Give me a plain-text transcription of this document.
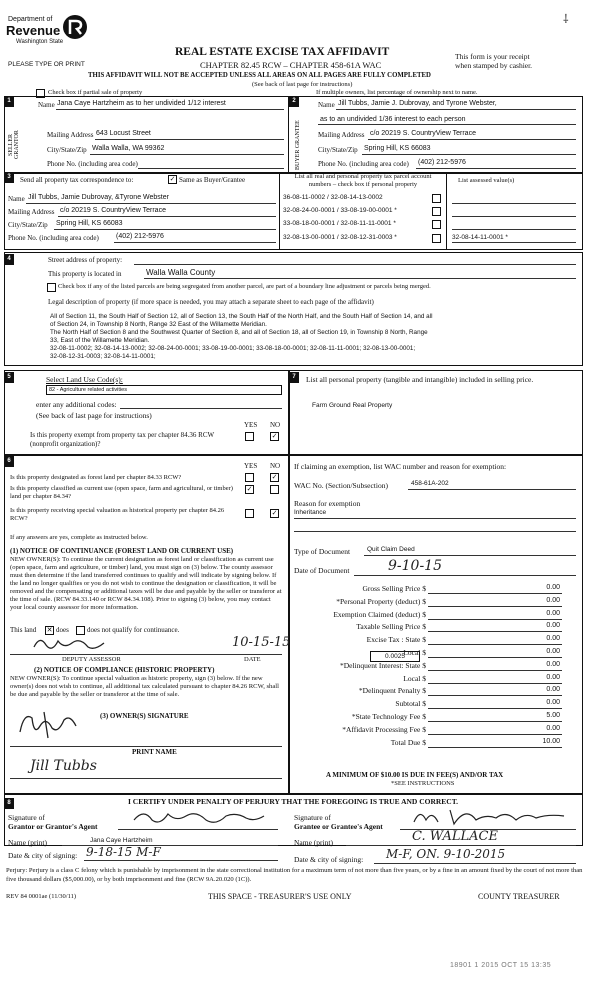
Department of
Revenue
Washington State
PLEASE TYPE OR PRINT
REAL ESTATE EXCISE TAX AFFIDAVIT
CHAPTER 82.45 RCW – CHAPTER 458-61A WAC
This form is your receipt
when stamped by cashier.
THIS AFFIDAVIT WILL NOT BE ACCEPTED UNLESS ALL AREAS ON ALL PAGES ARE FULLY COMPLETED
(See back of last page for instructions)
Check box if partial sale of property	If multiple owners, list percentage of ownership next to name.
1	2
SELLER GRANTOR	BUYER GRANTEE
Name Jana Caye Hartzheim as to her undivided 1/12 interest
Mailing Address 643 Locust Street
City/State/Zip Walla Walla, WA 99362
Phone No. (including area code)
Name Jill Tubbs, Jamie J. Dubrovay, and Tyrone Webster,
as to an undivided 1/36 interest to each person
Mailing Address c/o 20219 S. CountryView Terrace
City/State/Zip Spring Hill, KS 66083
Phone No. (including area code) (402) 212-5976
3	Send all property tax correspondence to:	✓ Same as Buyer/Grantee
Name Jill Tubbs, Jamie Dubrovay, &Tyrone Webster
Mailing Address c/o 20219 S. CountryView Terrace
City/State/Zip Spring Hill, KS 66083
Phone No. (including area code) (402) 212-5976
List all real and personal property tax parcel account numbers – check box if personal property
List assessed value(s)
36-08-11-0002 / 32-08-14-13-0002
32-08-24-00-0001 / 33-08-19-00-0001 *
33-08-18-00-0001 / 32-08-11-11-0001 *
32-08-13-00-0001 / 32-08-12-31-0003 *	32-08-14-11-0001 *
4	Street address of property:
This property is located in	Walla Walla County
Check box if any of the listed parcels are being segregated from another parcel, are part of a boundary line adjustment or parcels being merged.
Legal description of property (if more space is needed, you may attach a separate sheet to each page of the affidavit)
All of Section 11, the South Half of Section 12, all of Section 13, the South Half of the North Half, and the South Half of Section 14, and all
of Section 24, in Township 8 North, Range 32 East of the Willamette Meridian.
The North Half of Section 8 and the Southwest Quarter of Section 8, and all of Section 18, all of Section 19, in Township 8 North, Range
33, East of the Willamette Meridian.
32-08-11-0002; 32-08-14-13-0002; 32-08-24-00-0001; 33-08-19-00-0001; 33-08-18-00-0001; 32-08-11-11-0001; 32-08-13-00-0001;
32-08-12-31-0003; 32-08-14-11-0001;
5	Select Land Use Code(s):
82 - Agriculture related activities
enter any additional codes:
(See back of last page for instructions)
YES NO
Is this property exempt from property tax per chapter 84.36 RCW (nonprofit organization)?
✓
7	List all personal property (tangible and intangible) included in selling price.
Farm Ground Real Property
6
YES NO
Is this property designated as forest land per chapter 84.33 RCW?	✓
Is this property classified as current use (open space, farm and agricultural, or timber) land per chapter 84.34?
✓
Is this property receiving special valuation as historical property per chapter 84.26 RCW?
✓
If any answers are yes, complete as instructed below.
(1) NOTICE OF CONTINUANCE (FOREST LAND OR CURRENT USE)
NEW OWNER(S): To continue the current designation as forest land or classification as current use (open space, farm and agriculture, or timber) land, you must sign on (3) below. The county assessor must then determine if the land transferred continues to qualify and will indicate by signing below. If the land no longer qualifies or you do not wish to continue the designation or classification, it will be removed and the compensating or additional taxes will be due and payable by the seller or transferor at the time of sale. (RCW 84.33.140 or RCW 84.34.108). Prior to signing (3) below, you may contact your local county assessor for more information.
This land ✕ does	does not qualify for continuance.
10-15-15
DEPUTY ASSESSOR	DATE
(2) NOTICE OF COMPLIANCE (HISTORIC PROPERTY)
NEW OWNER(S): To continue special valuation as historic property, sign (3) below. If the new owner(s) does not wish to continue, all additional tax calculated pursuant to chapter 84.26 RCW, shall be due and payable by the seller or transferor at the time of sale.
(3) OWNER(S) SIGNATURE
PRINT NAME
Jill Tubbs
If claiming an exemption, list WAC number and reason for exemption:
WAC No. (Section/Subsection)	458-61A-202
Reason for exemption
Inheritance
Type of Document	Quit Claim Deed
Date of Document	9-10-15
Gross Selling Price $	0.00
*Personal Property (deduct) $	0.00
Exemption Claimed (deduct) $	0.00
Taxable Selling Price $	0.00
Excise Tax : State $	0.00
Local $	0.00
*Delinquent Interest: State $	0.00
Local $	0.00
*Delinquent Penalty $	0.00
Subtotal $	0.00
*State Technology Fee $	5.00
*Affidavit Processing Fee $	0.00
Total Due $	10.00
0.0025
A MINIMUM OF $10.00 IS DUE IN FEE(S) AND/OR TAX
*SEE INSTRUCTIONS
8	I CERTIFY UNDER PENALTY OF PERJURY THAT THE FOREGOING IS TRUE AND CORRECT.
Signature of
Grantor or Grantor's Agent
Name (print)	Jana Caye Hartzheim
Date & city of signing: 9-18-15 M-F
Signature of
Grantee or Grantee's Agent
Name (print)	C. WALLACE
Date & city of signing: M-F, ON. 9-10-2015
Perjury: Perjury is a class C felony which is punishable by imprisonment in the state correctional institution for a maximum term of not more than five years, or by a fine in an amount fixed by the court of not more than five thousand dollars ($5,000.00), or by both imprisonment and fine (RCW 9A.20.020 (1C)).
REV 84 0001ae (11/30/11)	THIS SPACE - TREASURER'S USE ONLY	COUNTY TREASURER
18901 1 2015 OCT 15 13:35
⸸
